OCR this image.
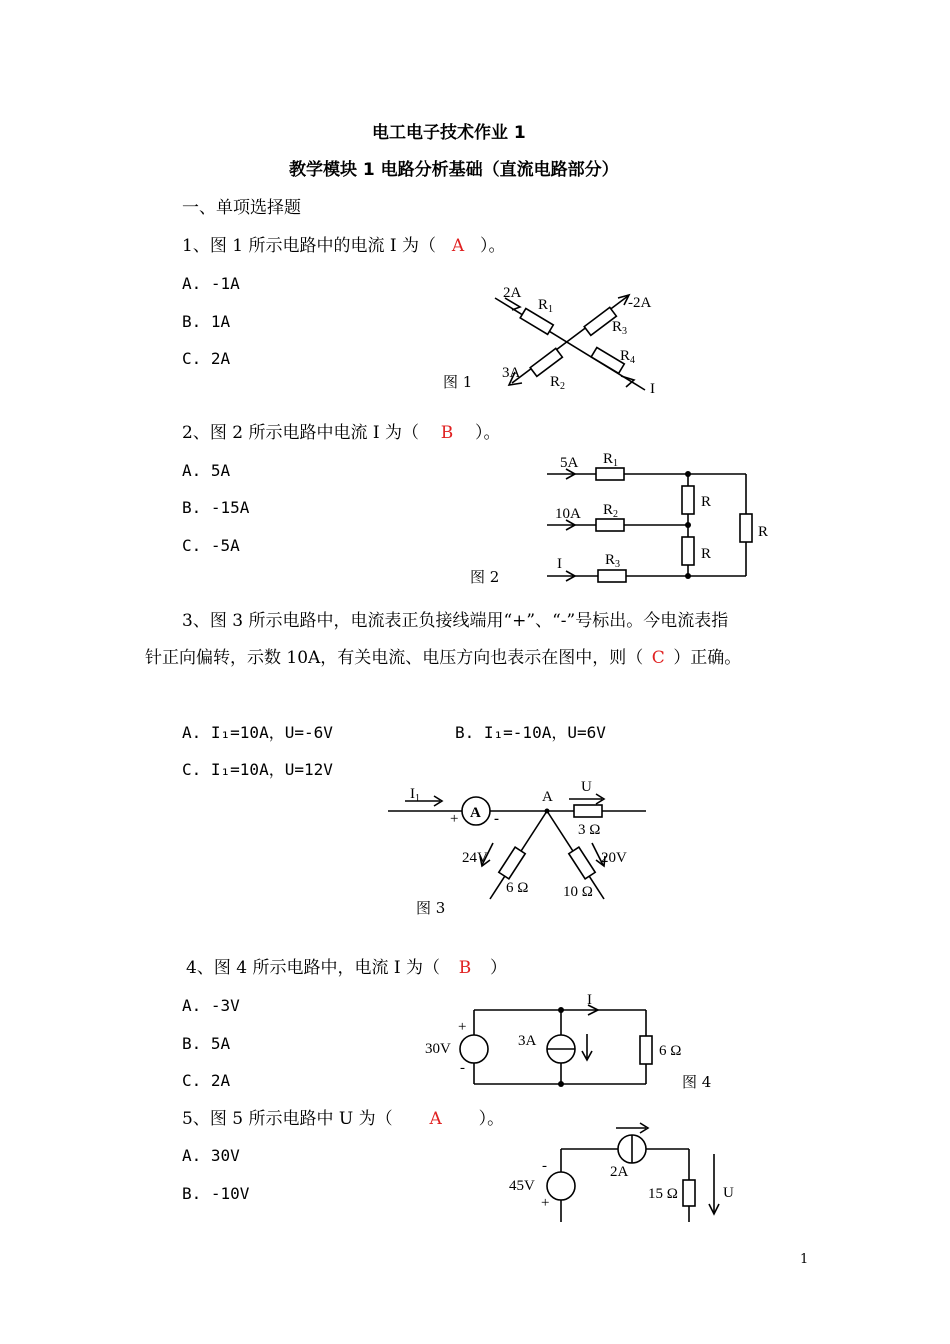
电工电子技术作业 1
教学模块 1 电路分析基础（直流电路部分）
一、单项选择题
1、图 1 所示电路中的电流 I 为（ A ）。
A. -1A
B. 1A
C. 2A
图 1
2A
$R_1$	-2A
$R_3$
$R_4$
3A
$R_2$	I
2、图 2 所示电路中电流 I 为（ B ）。
A. 5A
B. -15A
C. -5A
图 2
5A $R_1$
10A $R_2$
I	$R_3$
R
R
R
3、图 3 所示电路中，电流表正负接线端用“+”、“-”号标出。今电流表指
针正向偏转，示数 10A，有关电流、电压方向也表示在图中，则（ C ）正确。
A. I₁=10A，U=-6V	B. I₁=-10A，U=6V
C. I₁=10A，U=12V
图 3
A
$I_1$
+ -
A
U
3 Ω
24V
6 Ω
20V
10 Ω
4、图 4 所示电路中，电流 I 为（ B ）
A. -3V
B. 5A
C. 2A	图 4
I
30V
+
-
3A
6 Ω
5、图 5 所示电路中 U 为（ A ）。
A. 30V
B. -10V
-
45V
+
2A
15 Ω	U
1
